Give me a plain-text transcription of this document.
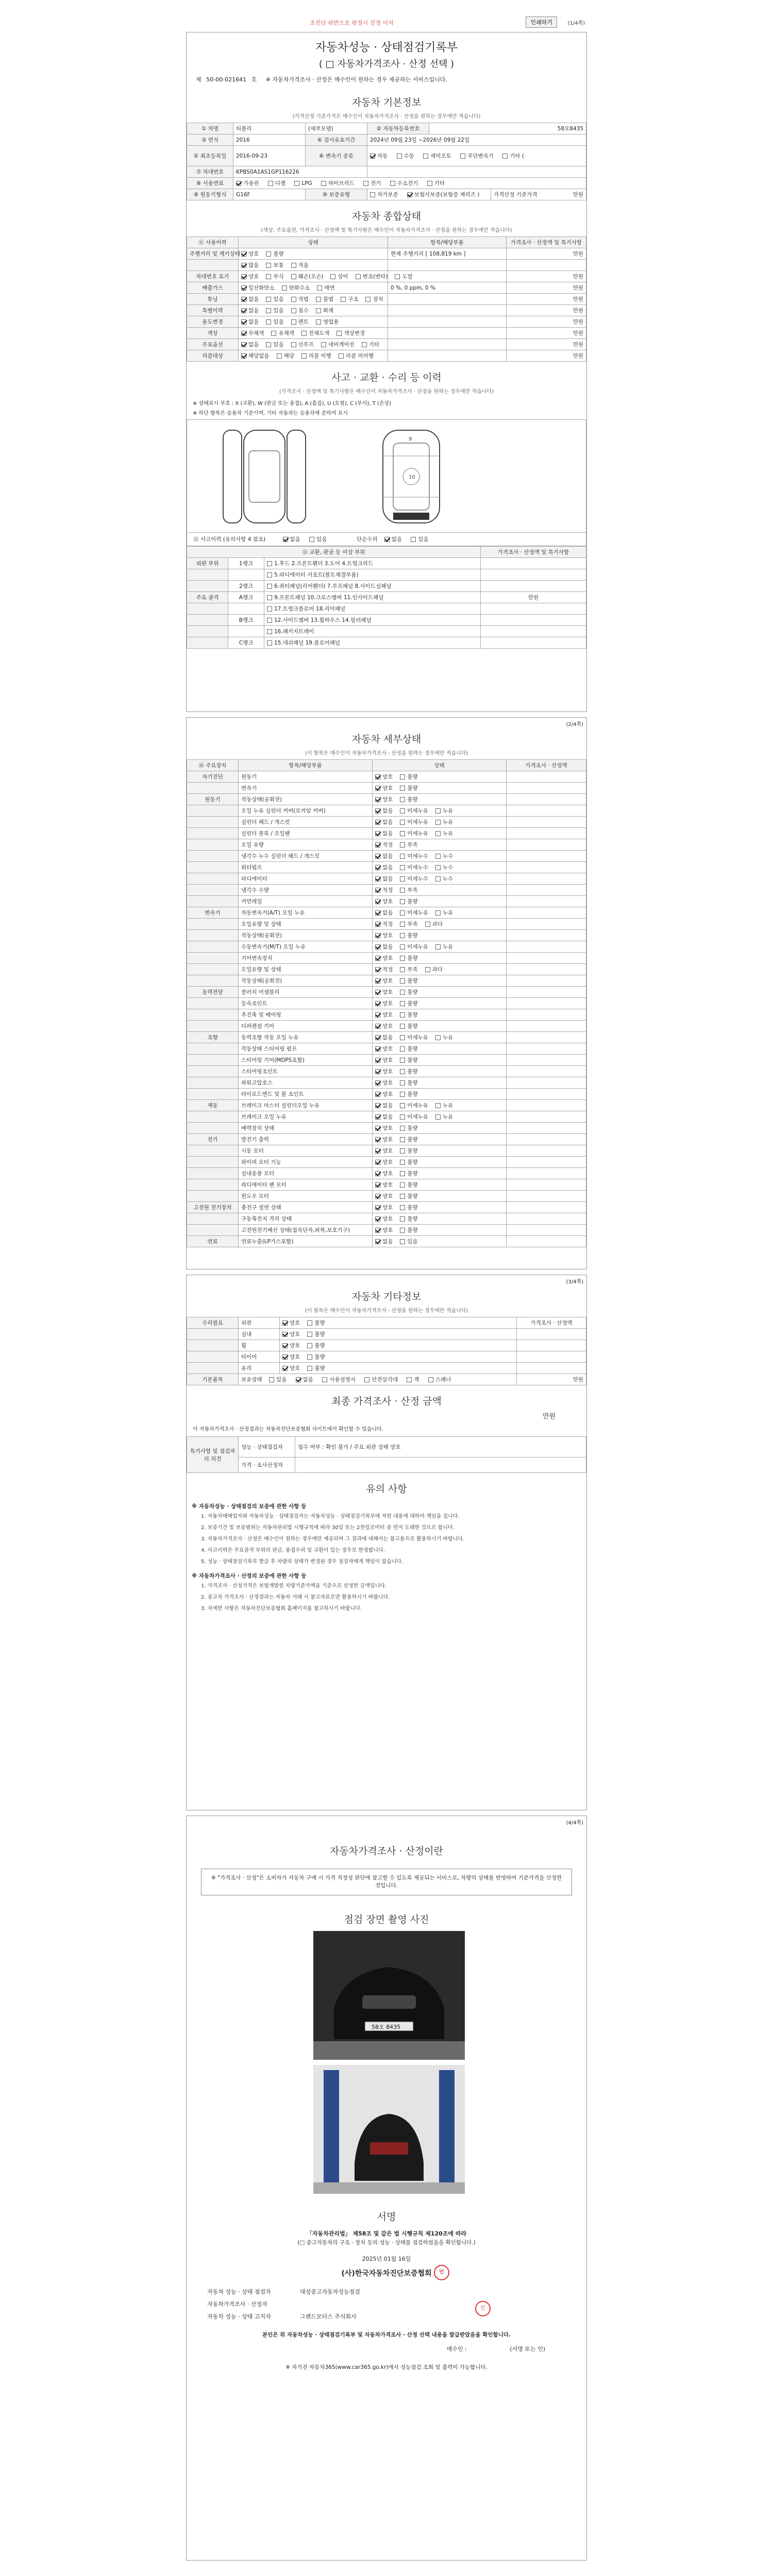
조진단 위반으로 판정시 진정 이지	인쇄하기	(1/4쪽)
자동차성능 · 상태점검기록부
( □ 자동차가격조사 · 산정 선택 )
제 50-00-021641 호 ※ 자동차가격조사 · 산정은 매수인이 원하는 경우 제공하는 서비스입니다.
자동차 기본정보
(가격산정 기준가격은 매수인이 자동차가격조사 · 산정을 원하는 경우에만 적습니다)
① 차명	티볼리	(세부모델)	② 자동차등록번호	58오8435	
③ 연식	2016	④ 검사유효기간	2024년 09월 23일 ~2026년 09월 22일		
⑤ 최초등록일	2016-09-23	⑥ 변속기 종류	자동 수동 세미오토 무단변속기 기타 (		
⑦ 차대번호	KPBS0A1AS1GP116226				
⑧ 사용연료	가솔린 디젤 LPG 하이브리드 전기 수소전기 기타				
⑨ 원동기형식	G16F	⑩ 보증유형	자가보증 보험사보증(보험증 제리즈 )		가격산정 기준가격 만원
자동차 종합상태
(색상, 주요옵션, 가격조사 · 산정액 및 특기사항은 매수인이 자동차가격조사 · 산정을 원하는 경우에만 적습니다)
⑪ 사용이력	상태	항목/해당부품	가격조사 · 산정액 및 특기사항
주행거리 및 계기상태	양호 불량	현재 주행거리 [ 108,819 km ]	만원
	많음 보통 적음		
차대번호 표기	양호 부식 훼손(오손) 상이 변조(변타) 도말		만원
배출가스	일산화탄소 탄화수소 매연	0 %, 0 ppm, 0 %	만원
튜닝	없음 있음 적법 불법 구조 장치		만원
특별이력	없음 있음 침수 화재		만원
용도변경	없음 있음 렌트 영업용		만원
색상	무채색 유채색 전체도색 색상변경		만원
주요옵션	없음 있음 선루프 네비게이션 기타		만원
리콜대상	해당없음 해당 리콜 이행 리콜 미이행		만원
사고 · 교환 · 수리 등 이력
(가격조사 · 산정액 및 특기사항은 매수인이 자동차가격조사 · 산정을 원하는 경우에만 적습니다)
※ 상태표시 부호 : X (교환), W (판금 또는 용접), A (흠집), U (요철), C (부식), T (손상)
※ 하단 항목은 승용차 기준이며, 기타 자동차는 승용차에 준하여 표시
10
9
⑫ 사고이력 (유의사항 4 참조)	없음	있음	단순수리	없음	있음
⑬ 교환, 판금 등 이상 부위			가격조사 · 산정액 및 특기사항
외판 부위	1랭크	1.후드 2.프론트휀더 3.도어 4.트렁크리드	
		5.라디에이터 서포트(볼트체결부품)	
	2랭크	6.쿼터패널(리어휀더) 7.루프패널 8.사이드실패널	
주요 골격	A랭크	9.프론트패널 10.크로스멤버 11.인사이드패널	만원
		17.트렁크플로어 18.리어패널	
	B랭크	12.사이드멤버 13.휠하우스 14.필러패널	
		16.패키지트레이	
	C랭크	15.대쉬패널 19.플로어패널	
(2/4쪽)
자동차 세부상태
(이 항목은 매수인이 자동차가격조사 · 산정을 원하는 경우에만 적습니다)
⑭ 주요장치	항목/해당부품	상태	가격조사 · 산정액
자기진단	원동기	양호 불량	
	변속기	양호 불량	
원동기	작동상태(공회전)	양호 불량	
	오일 누유 실린더 커버(로커암 커버)	없음 미세누유 누유	
	실린더 헤드 / 개스킷	없음 미세누유 누유	
	실린더 블록 / 오일팬	없음 미세누유 누유	
	오일 유량	적정 부족	
	냉각수 누수 실린더 헤드 / 개스킷	없음 미세누수 누수	
	워터펌프	없음 미세누수 누수	
	라디에이터	없음 미세누수 누수	
	냉각수 수량	적정 부족	
	커먼레일	양호 불량	
변속기	자동변속기(A/T) 오일 누유	없음 미세누유 누유	
	오일유량 및 상태	적정 부족 과다	
	작동상태(공회전)	양호 불량	
	수동변속기(M/T) 오일 누유	없음 미세누유 누유	
	기어변속장치	양호 불량	
	오일유량 및 상태	적정 부족 과다	
	작동상태(공회전)	양호 불량	
동력전달	클러치 어셈블리	양호 불량	
	등속조인트	양호 불량	
	추진축 및 베어링	양호 불량	
	디퍼렌셜 기어	양호 불량	
조향	동력조향 작동 오일 누유	없음 미세누유 누유	
	작동상태 스티어링 펌프	양호 불량	
	스티어링 기어(MDPS포함)	양호 불량	
	스티어링조인트	양호 불량	
	파워고압호스	양호 불량	
	타이로드엔드 및 볼 조인트	양호 불량	
제동	브레이크 마스터 실린더오일 누유	없음 미세누유 누유	
	브레이크 오일 누유	없음 미세누유 누유	
	배력장치 상태	양호 불량	
전기	발전기 출력	양호 불량	
	시동 모터	양호 불량	
	와이퍼 모터 기능	양호 불량	
	실내송풍 모터	양호 불량	
	라디에이터 팬 모터	양호 불량	
	윈도우 모터	양호 불량	
고전원 전기장치	충전구 절연 상태	양호 불량	
	구동축전지 격리 상태	양호 불량	
	고전원전기배선 상태(접속단자,피복,보호기구)	양호 불량	
연료	연료누출(LP가스포함)	없음 있음	
(3/4쪽)
자동차 기타정보
(이 항목은 매수인이 자동차가격조사 · 산정을 원하는 경우에만 적습니다)
수리필요	외관	양호 불량	가격조사 · 산정액
	실내	양호 불량	
	휠	양호 불량	
	타이어	양호 불량	
	유리	양호 불량	
기본품목	보유상태 있음 없음 사용설명서 안전삼각대 잭 스패너		만원
최종 가격조사 · 산정 금액
만원
이 자동차가격조사 · 산정결과는 자동차진단보증협회 사이트에서 확인할 수 있습니다.
특기사항 및 점검자의 의견	성능 · 상태점검자	침수 여부 : 확인 불가 / 주요 외관 상태 양호
	가격 · 조사산정자	
유의 사항
※ 자동차성능 · 상태점검의 보증에 관한 사항 등
1. 자동차매매업자와 자동차성능 · 상태점검자는 자동차성능 · 상태점검기록부에 적힌 내용에 대하여 책임을 집니다.
2. 보증기간 및 보증범위는 자동차관리법 시행규칙에 따라 30일 또는 2천킬로미터 중 먼저 도래한 것으로 합니다.
3. 자동차가격조사 · 산정은 매수인이 원하는 경우에만 제공되며 그 결과에 대해서는 참고용으로 활용하시기 바랍니다.
4. 사고이력은 주요골격 부위의 판금, 용접수리 및 교환이 있는 경우로 한정합니다.
5. 성능 · 상태점검기록부 발급 후 차량의 상태가 변경된 경우 점검자에게 책임이 없습니다.
※ 자동차가격조사 · 산정의 보증에 관한 사항 등
1. 가격조사 · 산정가격은 보험개발원 차량기준가액을 기준으로 산정한 금액입니다.
2. 중고차 가격조사 · 산정결과는 자동차 거래 시 참고자료로만 활용하시기 바랍니다.
3. 자세한 사항은 자동차진단보증협회 홈페이지를 참고하시기 바랍니다.
(4/4쪽)
자동차가격조사 · 산정이란
※ "가격조사 · 산정"은 소비자가 자동차 구매 시 가격 적정성 판단에 참고할 수 있도록 제공되는 서비스로, 차량의 상태를 반영하여 기준가격을 산정한 것입니다.
점검 장면 촬영 사진
58오 8435
서명
「자동차관리법」 제58조 및 같은 법 시행규칙 제120조에 따라
(□ 중고자동차의 구조 · 장치 등의 성능 · 상태를 점검하였음을 확인합니다.)
2025년 01월 16일
(사)한국자동차진단보증협회	인
자동차 성능 · 상태 점검자	대성중고자동차성능점검
자동차가격조사 · 산정자
자동차 성능 · 상태 고지자	그랜드모터스 주식회사
인
본인은 위 자동차성능 · 상태점검기록부 및 자동차가격조사 · 산정 선택 내용을 발급받았음을 확인합니다.
매수인 :	(서명 또는 인)
※ 자가진 자동차365(www.car365.go.kr)에서 성능점검 조회 및 출력이 가능합니다.
